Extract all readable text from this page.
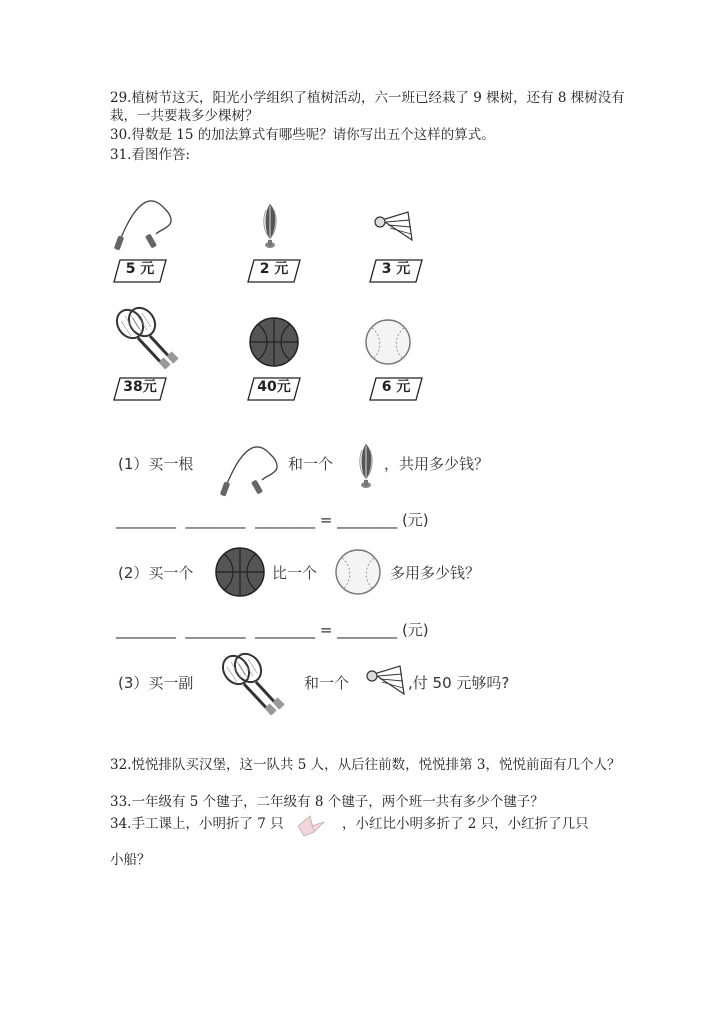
29.植树节这天，阳光小学组织了植树活动，六一班已经栽了 9 棵树，还有 8 棵树没有栽，一共要栽多少棵树？
30.得数是 15 的加法算式有哪些呢？请你写出五个这样的算式。
31.看图作答:
5 元	2 元	3 元
38元	40元	6 元
(1）买一根	和一个	，共用多少钱？
________  ________  ________ = ________ (元)
(2）买一个	比一个	多用多少钱？
________  ________  ________ = ________ (元)
(3）买一副	和一个	,付 50 元够吗?
32.悦悦排队买汉堡，这一队共 5 人，从后往前数，悦悦排第 3，悦悦前面有几个人？
33.一年级有 5 个毽子，二年级有 8 个毽子，两个班一共有多少个毽子？
34.手工课上，小明折了 7 只	，小红比小明多折了 2 只，小红折了几只
小船？
